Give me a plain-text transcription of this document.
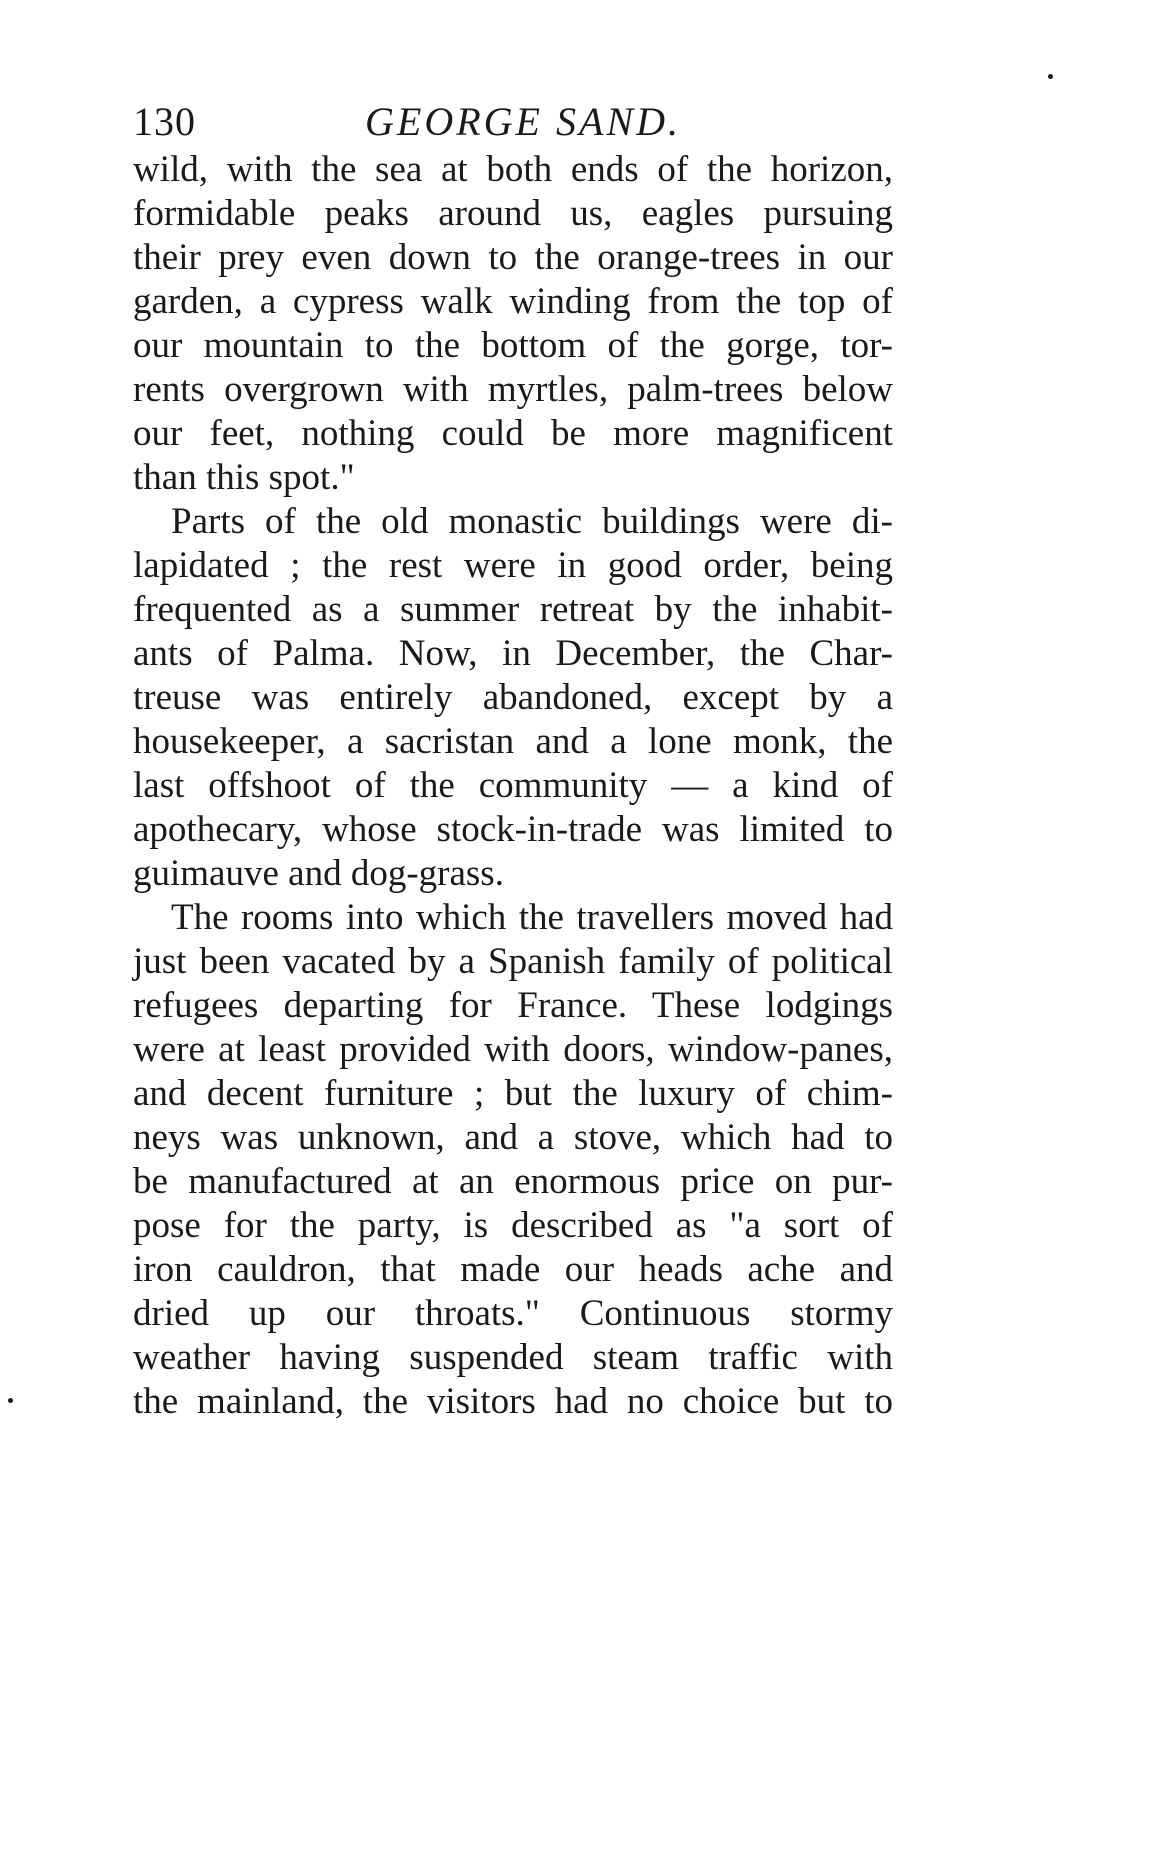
130	GEORGE SAND.
wild, with the sea at both ends of the horizon,
formidable peaks around us, eagles pursuing
their prey even down to the orange-trees in our
garden, a cypress walk winding from the top of
our mountain to the bottom of the gorge, tor-
rents overgrown with myrtles, palm-trees below
our feet, nothing could be more magnificent
than this spot."
Parts of the old monastic buildings were di-
lapidated ; the rest were in good order, being
frequented as a summer retreat by the inhabit-
ants of Palma. Now, in December, the Char-
treuse was entirely abandoned, except by a
housekeeper, a sacristan and a lone monk, the
last offshoot of the community — a kind of
apothecary, whose stock-in-trade was limited to
guimauve and dog-grass.
The rooms into which the travellers moved had
just been vacated by a Spanish family of political
refugees departing for France. These lodgings
were at least provided with doors, window-panes,
and decent furniture ; but the luxury of chim-
neys was unknown, and a stove, which had to
be manufactured at an enormous price on pur-
pose for the party, is described as "a sort of
iron cauldron, that made our heads ache and
dried up our throats." Continuous stormy
weather having suspended steam traffic with
the mainland, the visitors had no choice but to
